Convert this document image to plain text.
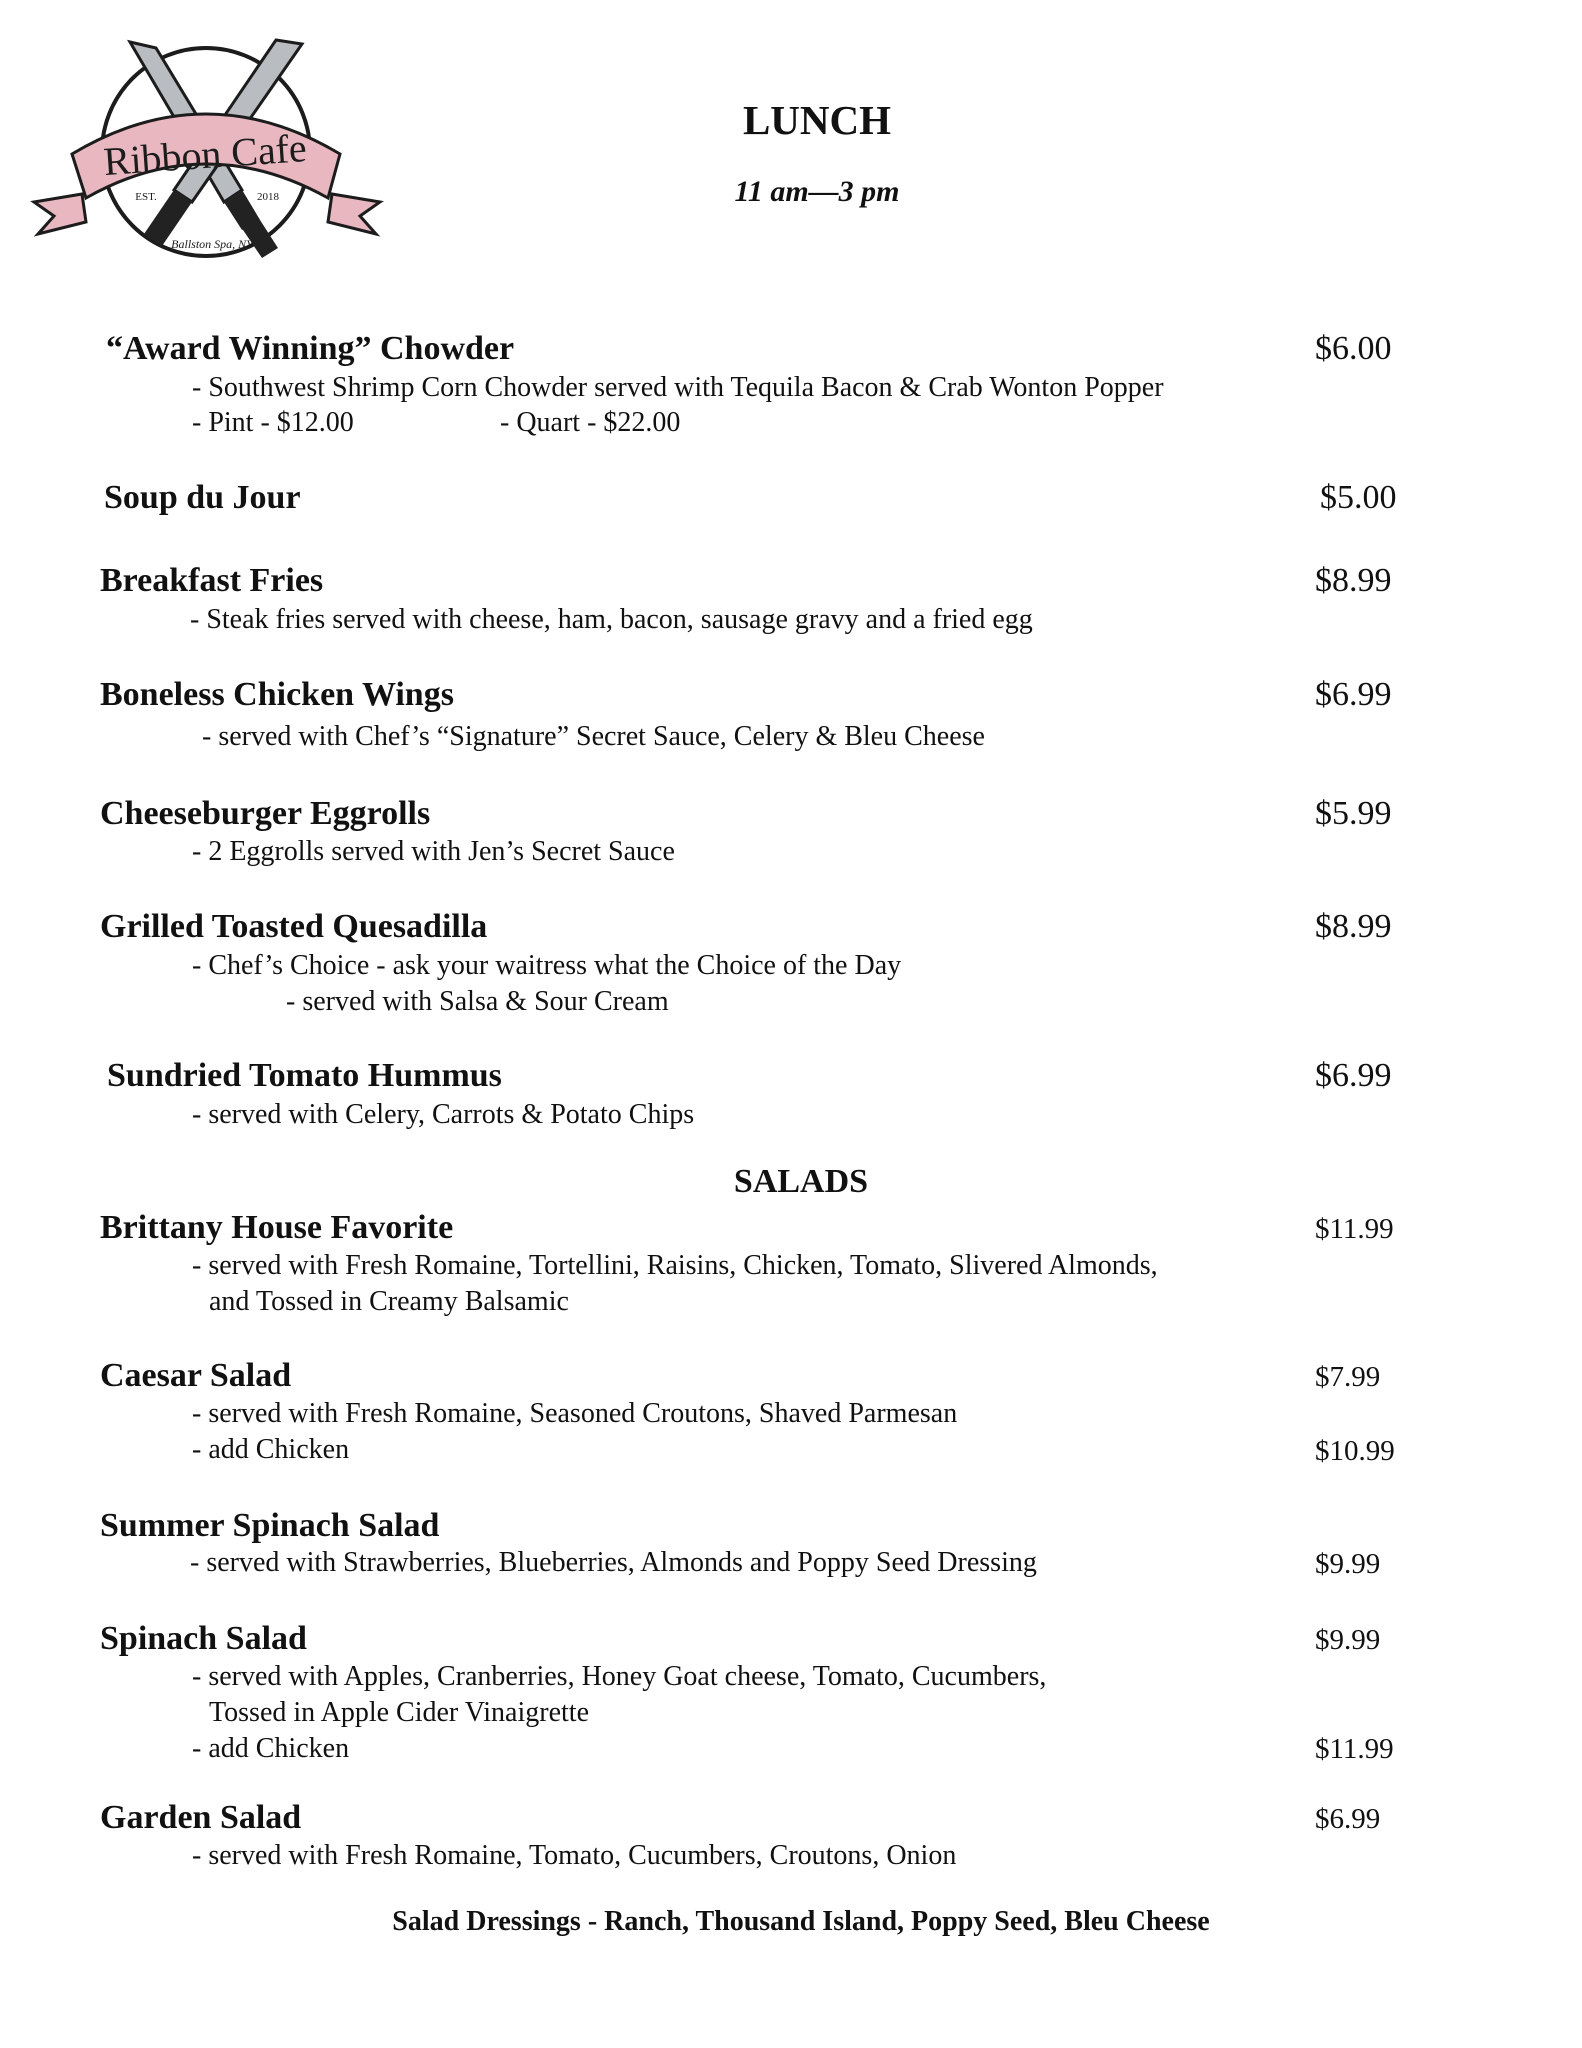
Ribbon Cafe
EST.	2018
Ballston Spa, NY
LUNCH
11 am—3 pm
“Award Winning” Chowder	$6.00
- Southwest Shrimp Corn Chowder served with Tequila Bacon & Crab Wonton Popper
- Pint - $12.00	- Quart - $22.00
Soup du Jour	$5.00
Breakfast Fries	$8.99
- Steak fries served with cheese, ham, bacon, sausage gravy and a fried egg
Boneless Chicken Wings	$6.99
- served with Chef’s “Signature” Secret Sauce, Celery & Bleu Cheese
Cheeseburger Eggrolls	$5.99
- 2 Eggrolls served with Jen’s Secret Sauce
Grilled Toasted Quesadilla	$8.99
- Chef’s Choice - ask your waitress what the Choice of the Day
- served with Salsa & Sour Cream
Sundried Tomato Hummus	$6.99
- served with Celery, Carrots & Potato Chips
SALADS
Brittany House Favorite	$11.99
- served with Fresh Romaine, Tortellini, Raisins, Chicken, Tomato, Slivered Almonds,
and Tossed in Creamy Balsamic
Caesar Salad	$7.99
- served with Fresh Romaine, Seasoned Croutons, Shaved Parmesan
- add Chicken	$10.99
Summer Spinach Salad
- served with Strawberries, Blueberries, Almonds and Poppy Seed Dressing	$9.99
Spinach Salad	$9.99
- served with Apples, Cranberries, Honey Goat cheese, Tomato, Cucumbers,
Tossed in Apple Cider Vinaigrette
- add Chicken	$11.99
Garden Salad	$6.99
- served with Fresh Romaine, Tomato, Cucumbers, Croutons, Onion
Salad Dressings - Ranch, Thousand Island, Poppy Seed, Bleu Cheese
